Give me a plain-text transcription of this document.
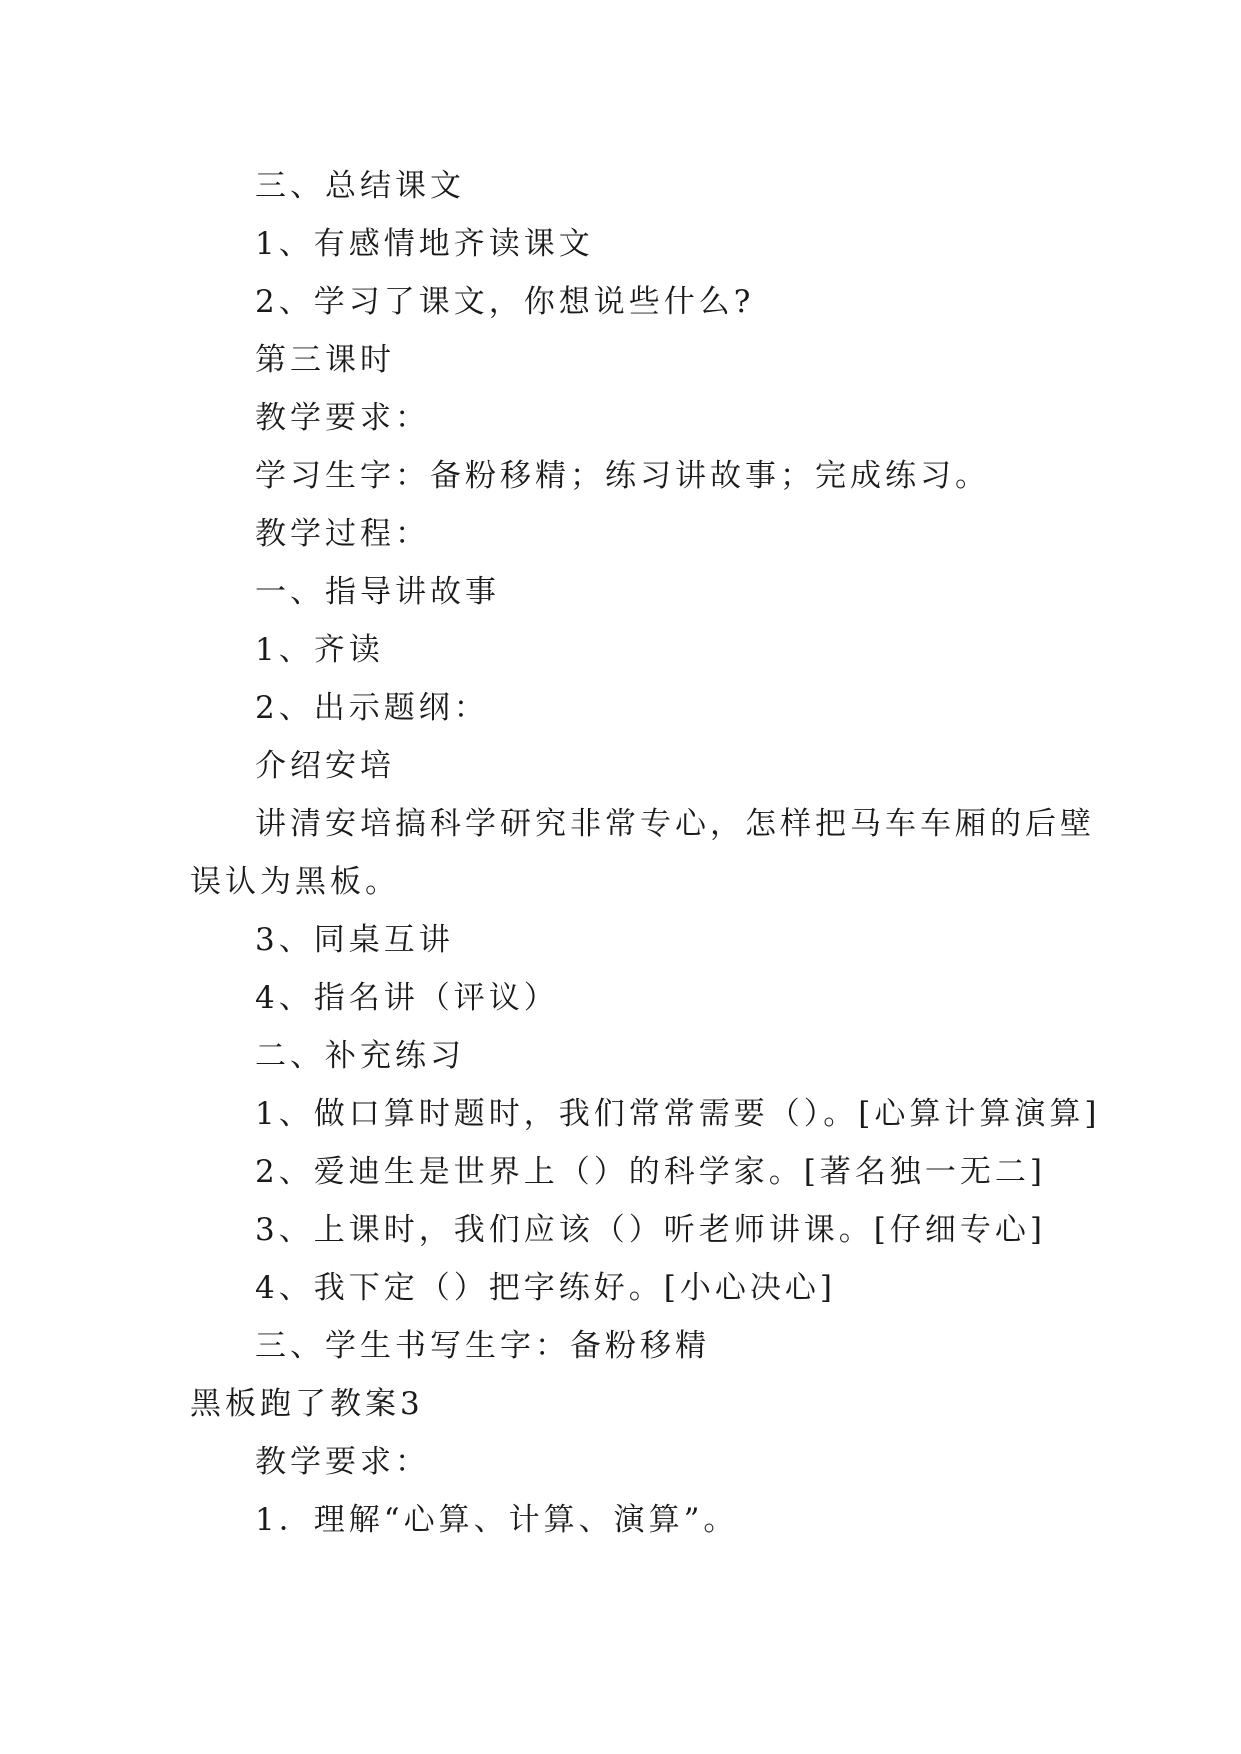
三、总结课文
1、有感情地齐读课文
2、学习了课文，你想说些什么?
第三课时
教学要求：
学习生字：备粉移精；练习讲故事；完成练习。
教学过程：
一、指导讲故事
1、齐读
2、出示题纲：
介绍安培
讲清安培搞科学研究非常专心，怎样把马车车厢的后壁
误认为黑板。
3、同桌互讲
4、指名讲（评议）
二、补充练习
1、做口算时题时，我们常常需要（）。[心算计算演算]
2、爱迪生是世界上（）的科学家。[著名独一无二]
3、上课时，我们应该（）听老师讲课。[仔细专心]
4、我下定（）把字练好。[小心决心]
三、学生书写生字：备粉移精
黑板跑了教案3
教学要求：
1．理解“心算、计算、演算”。
